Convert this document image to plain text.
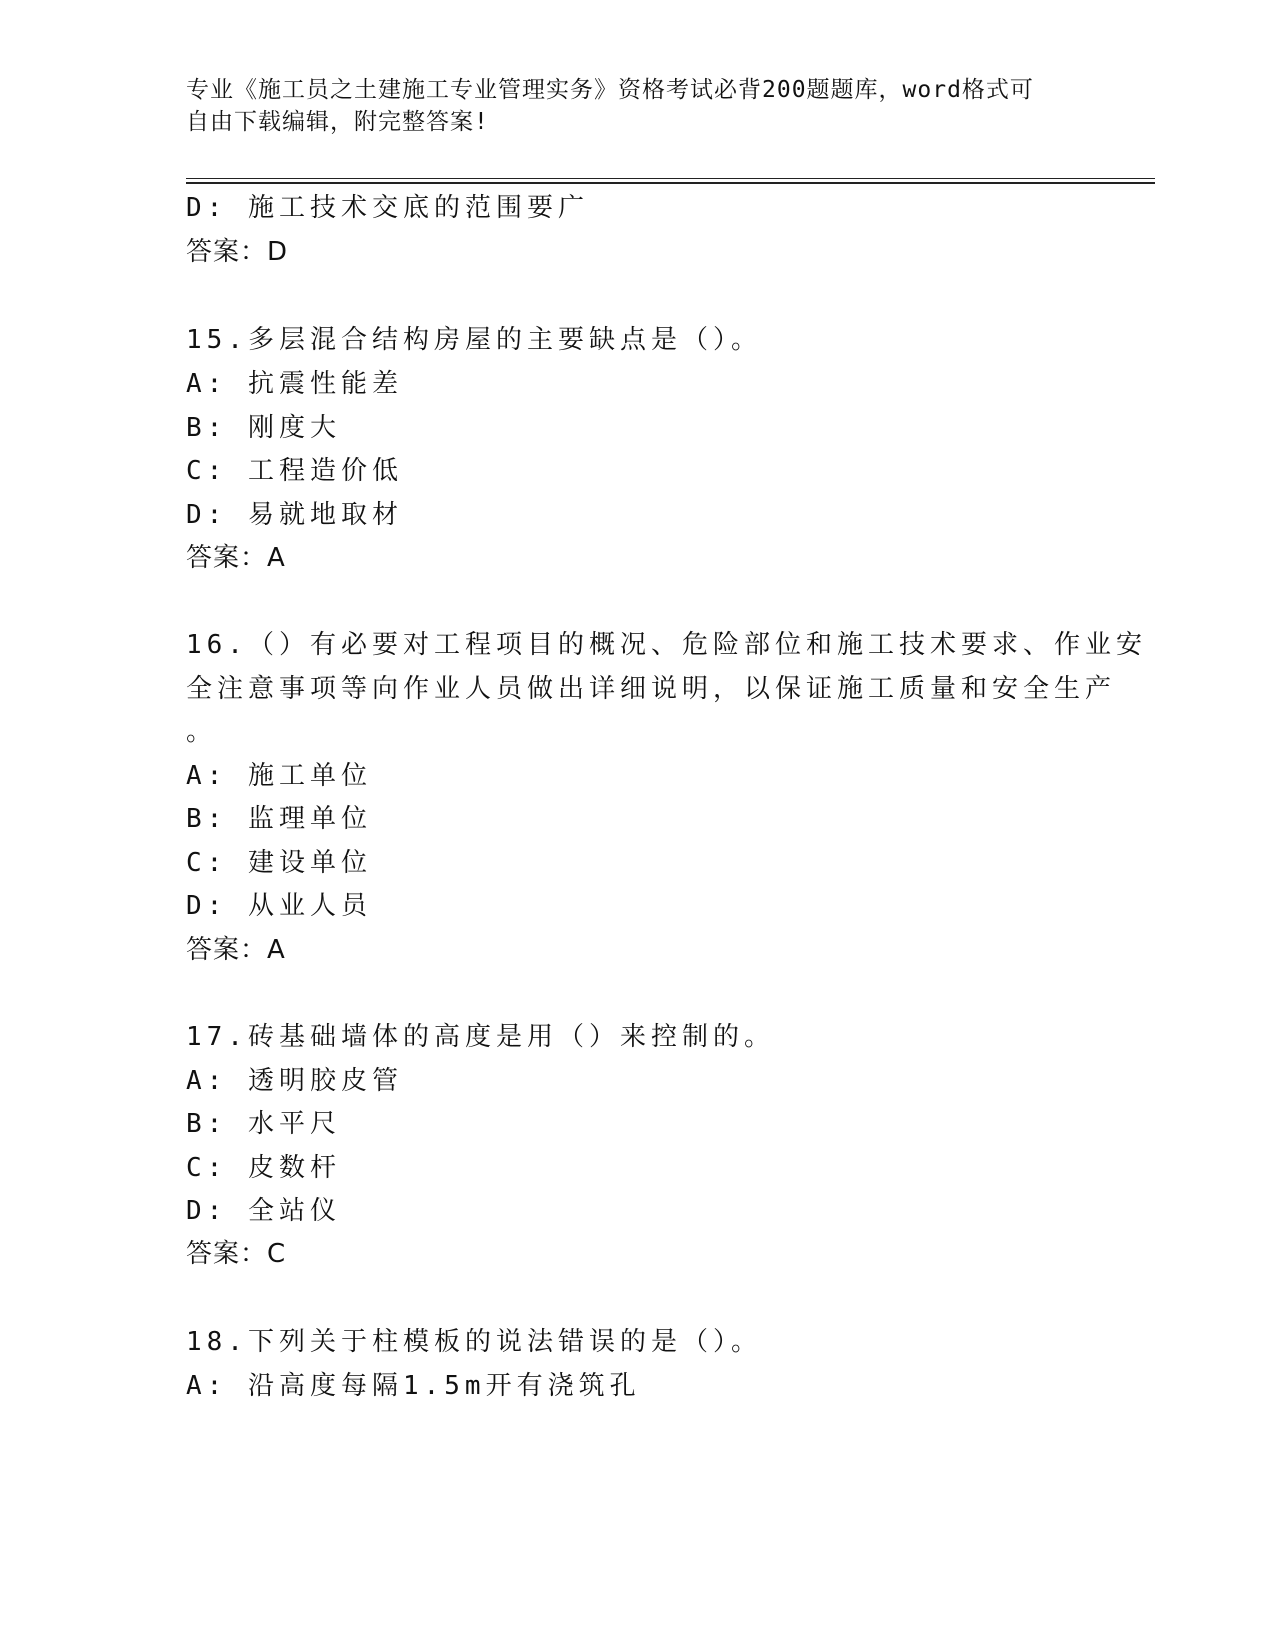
专业《施工员之土建施工专业管理实务》资格考试必背200题题库，word格式可
自由下载编辑，附完整答案!
D: 施工技术交底的范围要广
答案：D
15.多层混合结构房屋的主要缺点是（）。
A: 抗震性能差
B: 刚度大
C: 工程造价低
D: 易就地取材
答案：A
16.（）有必要对工程项目的概况、危险部位和施工技术要求、作业安
全注意事项等向作业人员做出详细说明，以保证施工质量和安全生产
。
A: 施工单位
B: 监理单位
C: 建设单位
D: 从业人员
答案：A
17.砖基础墙体的高度是用（）来控制的。
A: 透明胶皮管
B: 水平尺
C: 皮数杆
D: 全站仪
答案：C
18.下列关于柱模板的说法错误的是（）。
A: 沿高度每隔1.5m开有浇筑孔
